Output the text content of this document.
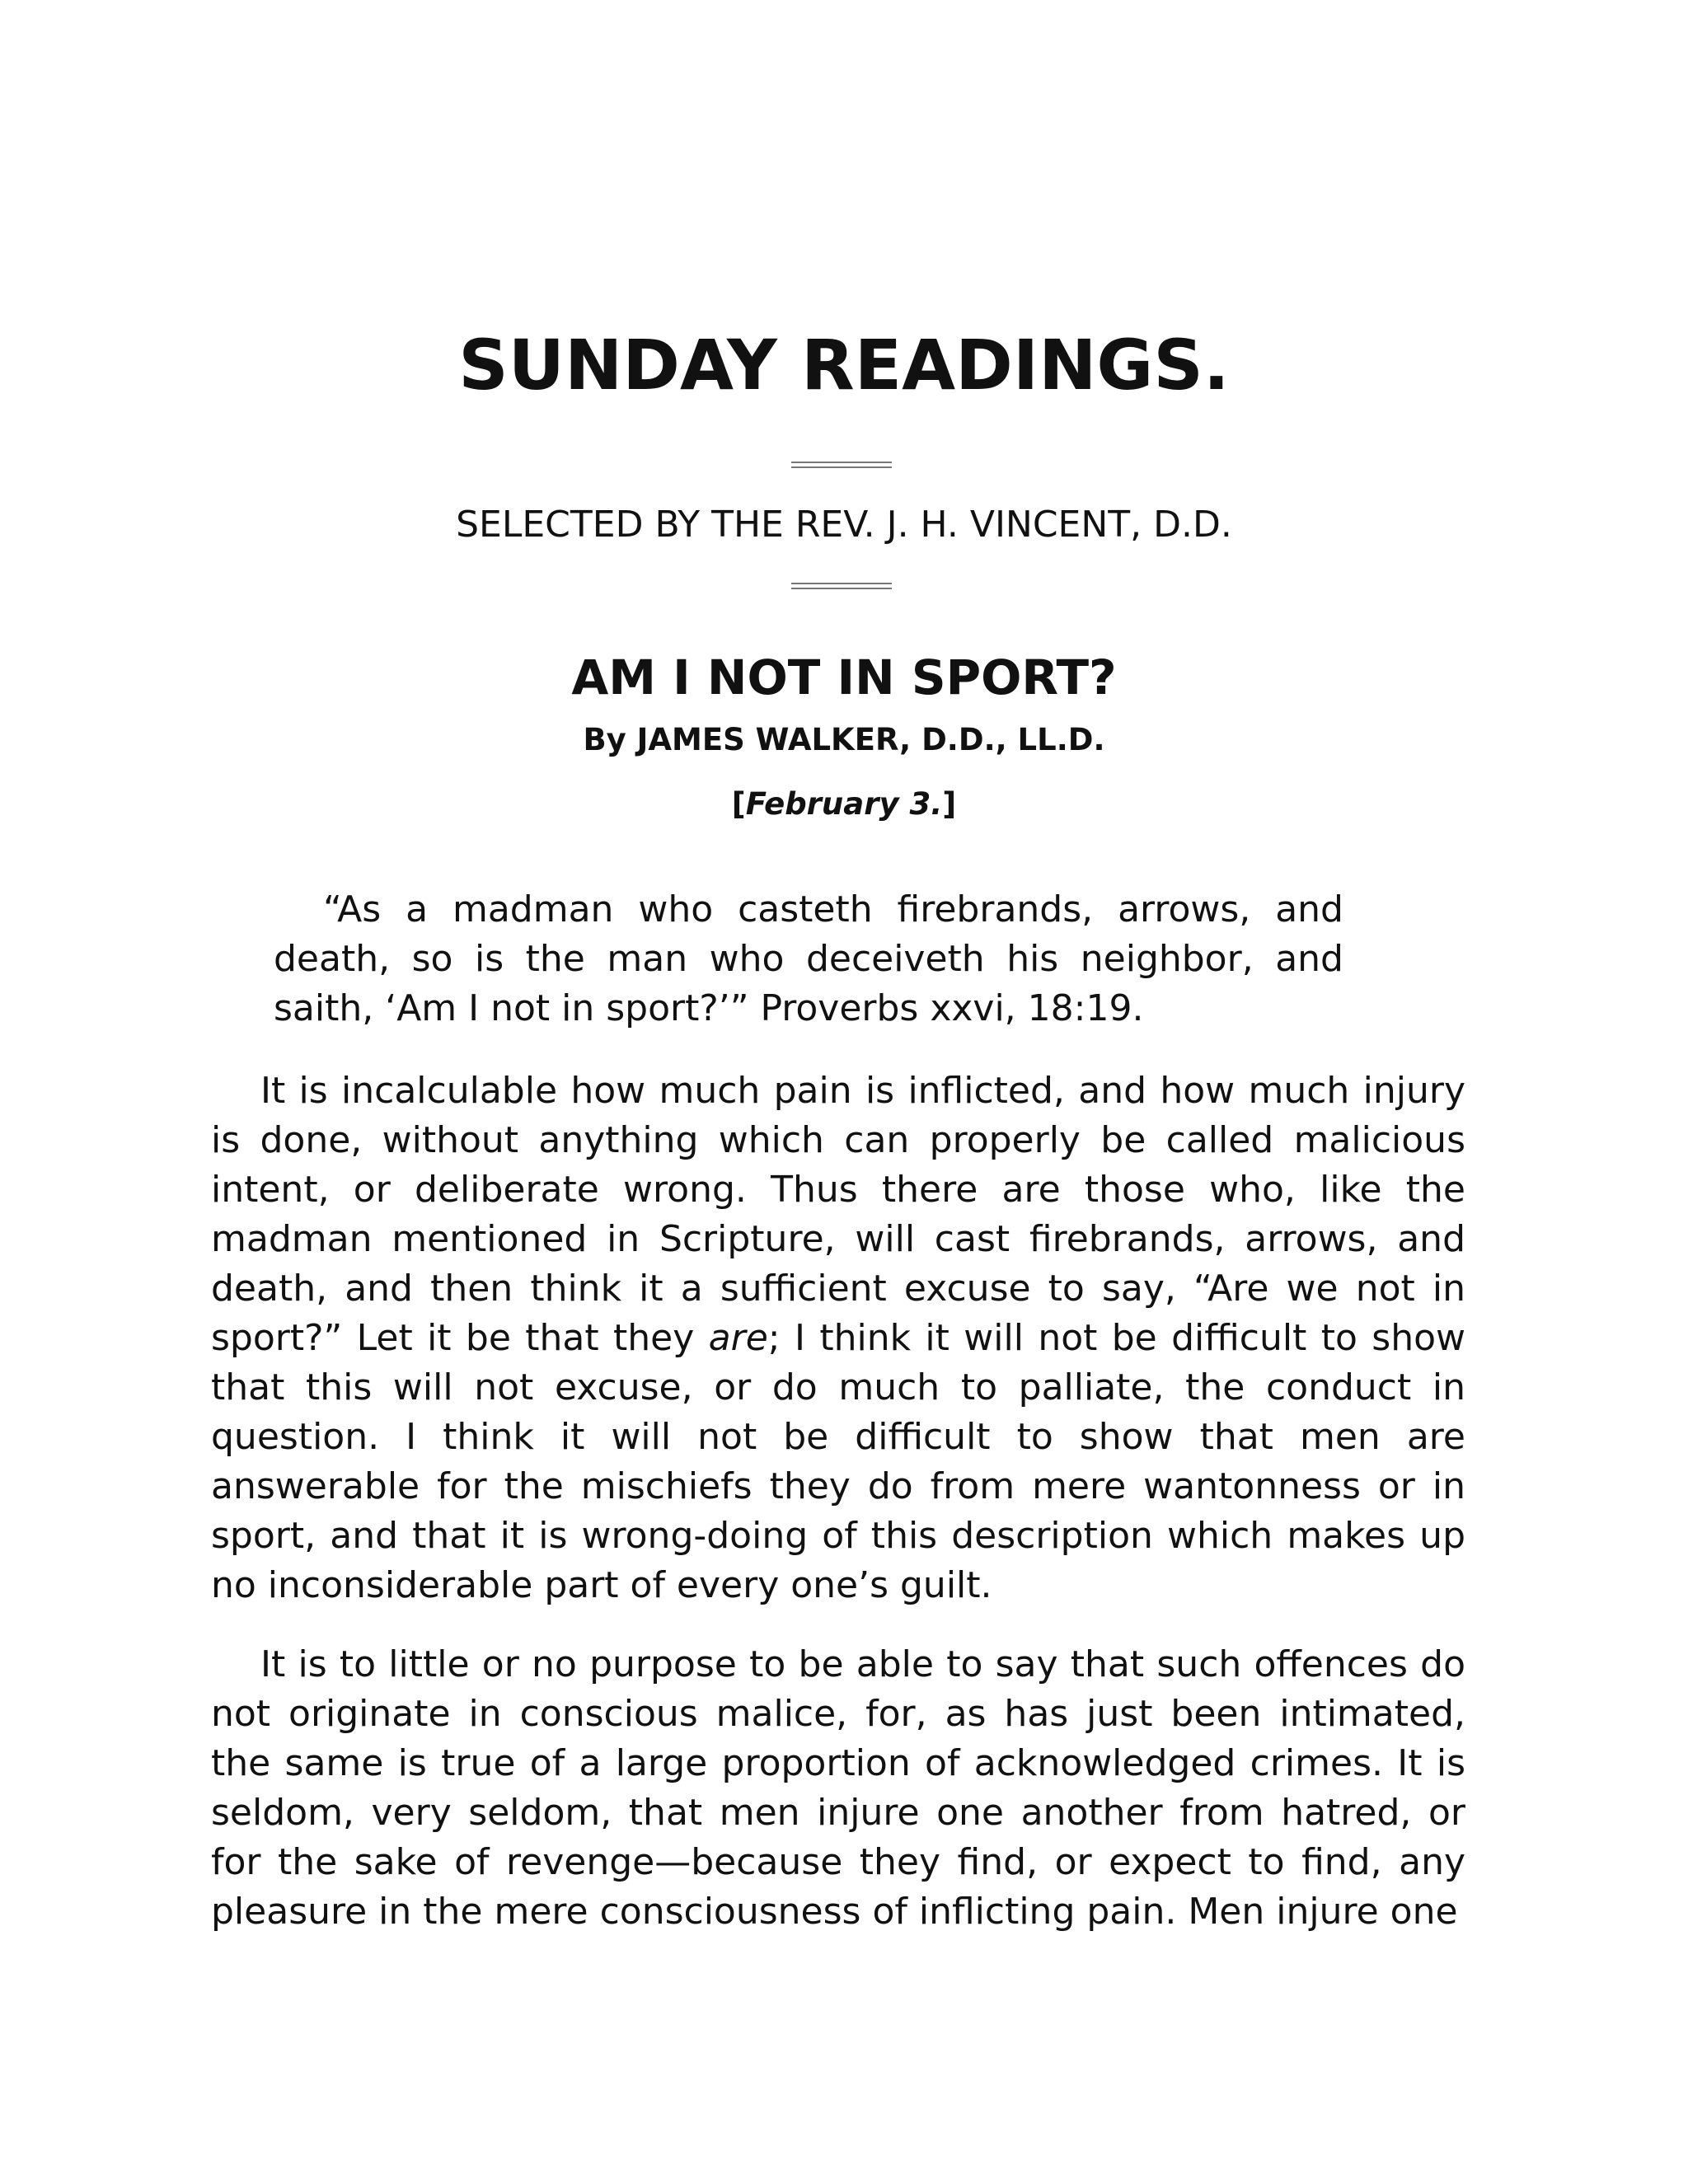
SUNDAY READINGS.

SELECTED BY THE REV. J. H. VINCENT, D.D.

AM I NOT IN SPORT?

By JAMES WALKER, D.D., LL.D.

[February 3.]

“As a madman who casteth firebrands, arrows, and death, so is the man who deceiveth his neighbor, and saith, ‘Am I not in sport?’” Proverbs xxvi, 18:19.

It is incalculable how much pain is inflicted, and how much injury is done, without anything which can properly be called malicious intent, or deliberate wrong. Thus there are those who, like the madman mentioned in Scripture, will cast firebrands, arrows, and death, and then think it a sufficient excuse to say, “Are we not in sport?” Let it be that they are; I think it will not be difficult to show that this will not excuse, or do much to palliate, the conduct in question. I think it will not be difficult to show that men are answerable for the mischiefs they do from mere wantonness or in sport, and that it is wrong-doing of this description which makes up no inconsiderable part of every one’s guilt.

It is to little or no purpose to be able to say that such offences do not originate in conscious malice, for, as has just been intimated, the same is true of a large proportion of acknowledged crimes. It is seldom, very seldom, that men injure one another from hatred, or for the sake of revenge—because they find, or expect to find, any pleasure in the mere consciousness of inflicting pain. Men injure one
